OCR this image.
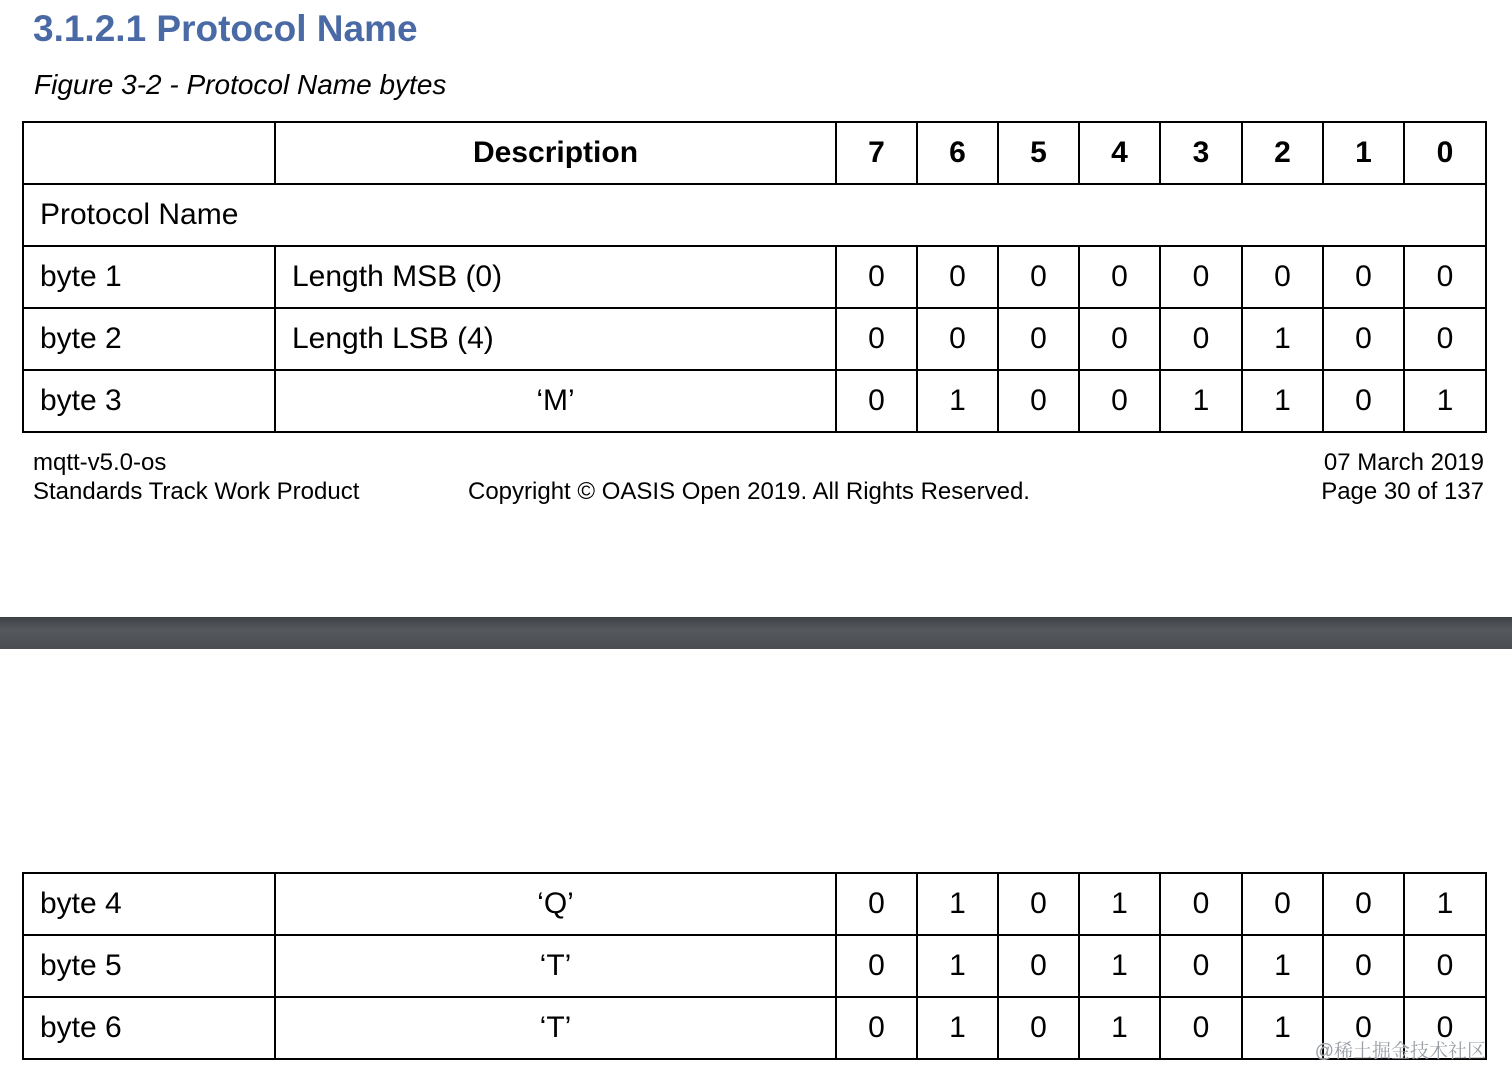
3.1.2.1 Protocol Name
Figure 3-2 - Protocol Name bytes
	Description	7	6	5	4	3	2	1	0
Protocol Name									
byte 1	Length MSB (0)	0	0	0	0	0	0	0	0
byte 2	Length LSB (4)	0	0	0	0	0	1	0	0
byte 3	‘M’	0	1	0	0	1	1	0	1
mqtt-v5.0-os
Standards Track Work Product	Copyright © OASIS Open 2019. All Rights Reserved.
07 March 2019
Page 30 of 137
byte 4	‘Q’	0	1	0	1	0	0	0	1
byte 5	‘T’	0	1	0	1	0	1	0	0
byte 6	‘T’	0	1	0	1	0	1	0	0
@稀土掘金技术社区
